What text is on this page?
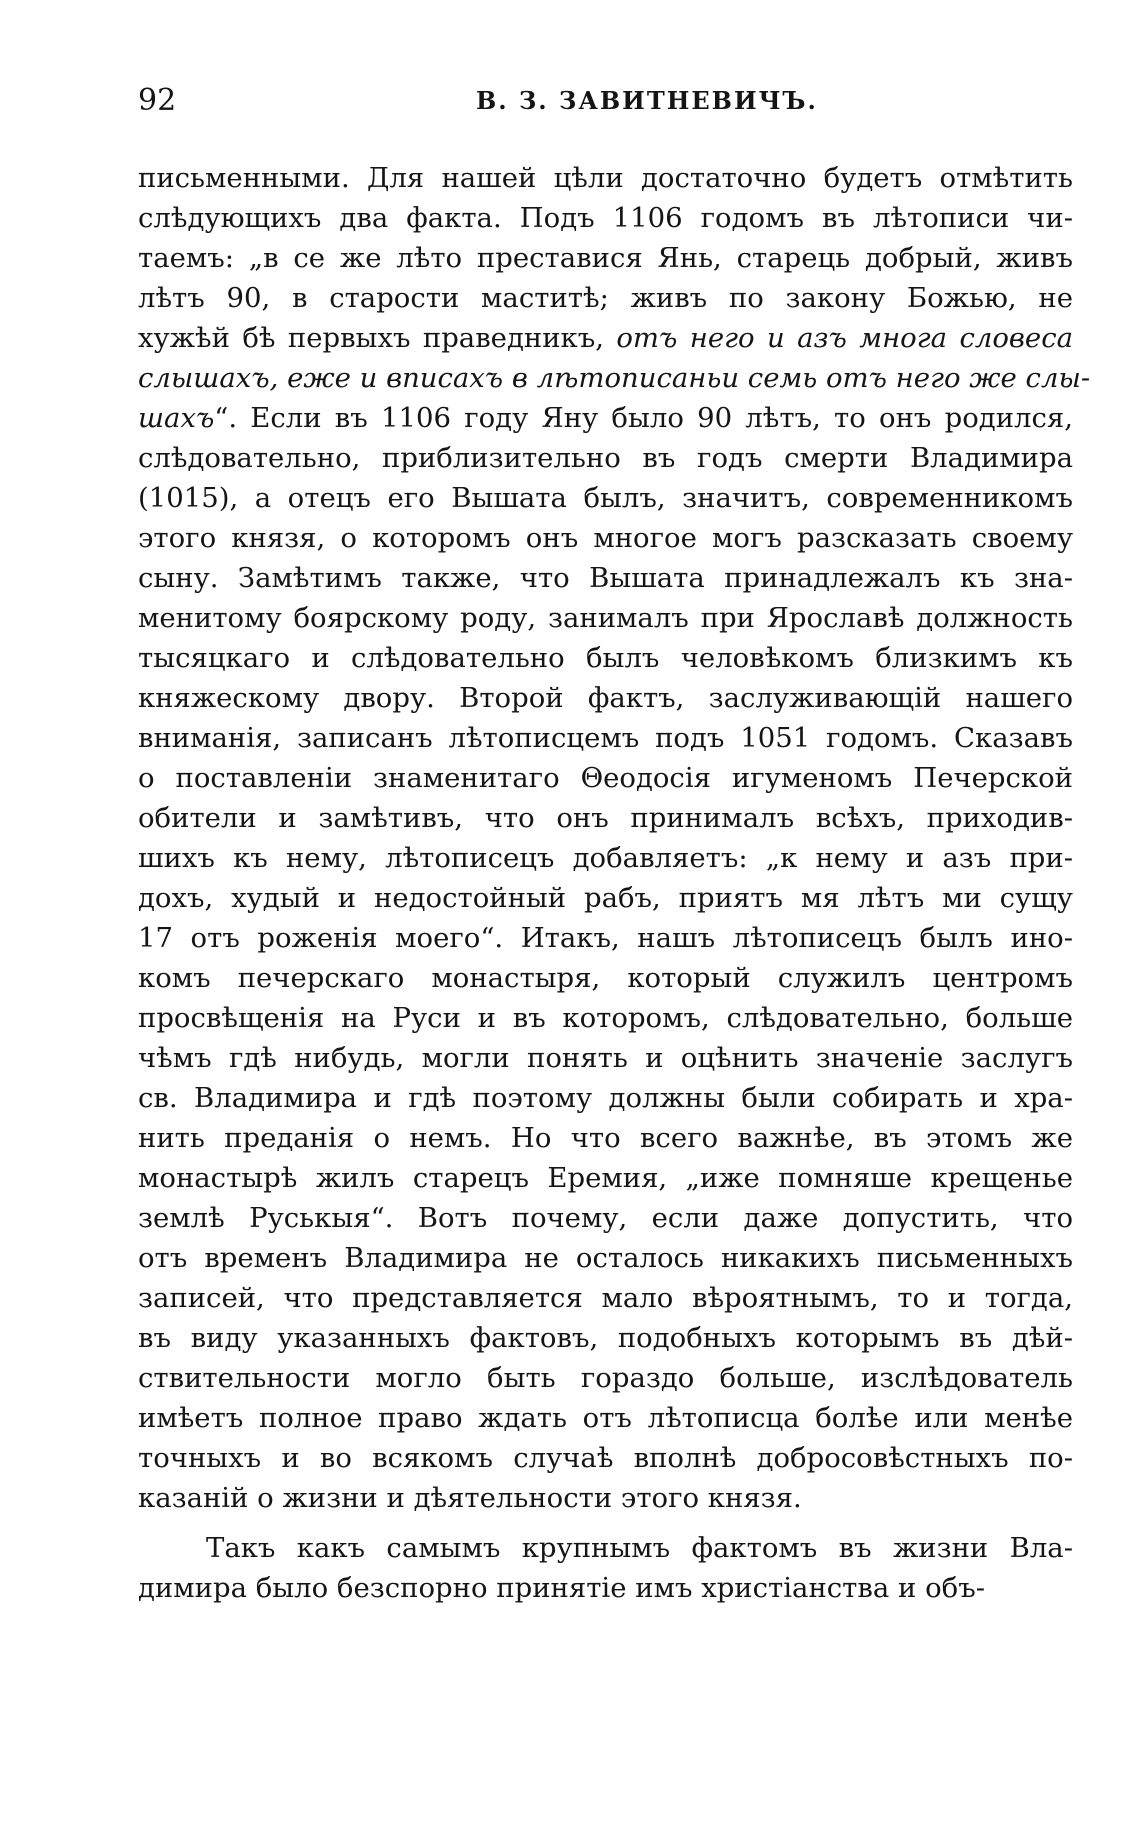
92	В. З. ЗАВИТНЕВИЧЪ.
письменными. Для нашей цѣли достаточно будетъ отмѣтить
слѣдующихъ два факта. Подъ 1106 годомъ въ лѣтописи чи-
таемъ: „в се же лѣто преставися Янь, старець добрый, живъ
лѣтъ 90, в старости маститѣ; живъ по закону Божью, не
хужѣй бѣ первыхъ праведникъ, отъ него и азъ многа словеса
слышахъ, еже и вписахъ в лѣтописаньи семь отъ него же слы-
шахъ“. Если въ 1106 году Яну было 90 лѣтъ, то онъ родился,
слѣдовательно, приблизительно въ годъ смерти Владимира
(1015), а отецъ его Вышата былъ, значитъ, современникомъ
этого князя, о которомъ онъ многое могъ разсказать своему
сыну. Замѣтимъ также, что Вышата принадлежалъ къ зна-
менитому боярскому роду, занималъ при Ярославѣ должность
тысяцкаго и слѣдовательно былъ человѣкомъ близкимъ къ
княжескому двору. Второй фактъ, заслуживающій нашего
вниманія, записанъ лѣтописцемъ подъ 1051 годомъ. Сказавъ
о поставленіи знаменитаго Θеодосія игуменомъ Печерской
обители и замѣтивъ, что онъ принималъ всѣхъ, приходив-
шихъ къ нему, лѣтописецъ добавляетъ: „к нему и азъ при-
дохъ, худый и недостойный рабъ, приятъ мя лѣтъ ми сущу
17 отъ роженія моего“. Итакъ, нашъ лѣтописецъ былъ ино-
комъ печерскаго монастыря, который служилъ центромъ
просвѣщенія на Руси и въ которомъ, слѣдовательно, больше
чѣмъ гдѣ нибудь, могли понять и оцѣнить значеніе заслугъ
св. Владимира и гдѣ поэтому должны были собирать и хра-
нить преданія о немъ. Но что всего важнѣе, въ этомъ же
монастырѣ жилъ старецъ Еремия, „иже помняше крещенье
землѣ Руськыя“. Вотъ почему, если даже допустить, что
отъ временъ Владимира не осталось никакихъ письменныхъ
записей, что представляется мало вѣроятнымъ, то и тогда,
въ виду указанныхъ фактовъ, подобныхъ которымъ въ дѣй-
ствительности могло быть гораздо больше, изслѣдователь
имѣетъ полное право ждать отъ лѣтописца болѣе или менѣе
точныхъ и во всякомъ случаѣ вполнѣ добросовѣстныхъ по-
казаній о жизни и дѣятельности этого князя.
Такъ какъ самымъ крупнымъ фактомъ въ жизни Вла-
димира было безспорно принятіе имъ христіанства и объ-
